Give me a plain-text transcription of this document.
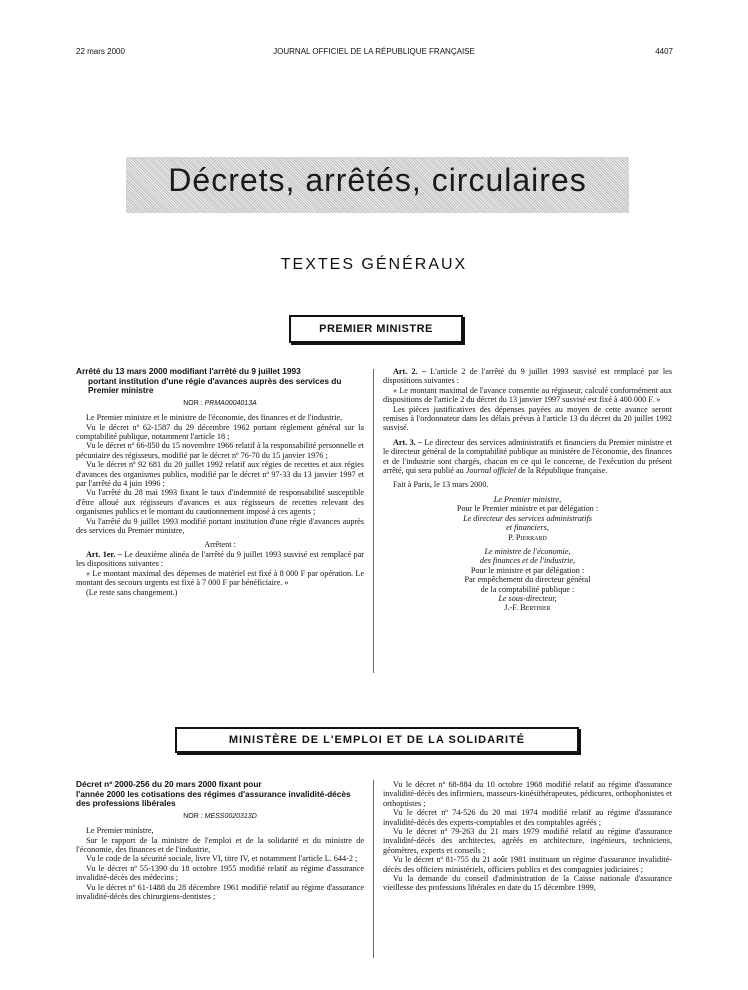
22 mars 2000	JOURNAL OFFICIEL DE LA RÉPUBLIQUE FRANÇAISE	4407
Décrets, arrêtés, circulaires
TEXTES GÉNÉRAUX
PREMIER MINISTRE
Arrêté du 13 mars 2000 modifiant l'arrêté du 9 juillet 1993
portant institution d'une régie d'avances auprès des services du Premier ministre
NOR : PRMA0004013A

Le Premier ministre et le ministre de l'économie, des finances et de l'industrie,

Vu le décret nº 62-1587 du 29 décembre 1962 portant règlement général sur la comptabilité publique, notamment l'article 18 ;

Vu le décret nº 66-850 du 15 novembre 1966 relatif à la responsabilité personnelle et pécuniaire des régisseurs, modifié par le décret nº 76-70 du 15 janvier 1976 ;

Vu le décret nº 92 681 du 20 juillet 1992 relatif aux régies de recettes et aux régies d'avances des organismes publics, modifié par le décret nº 97-33 du 13 janvier 1997 et par l'arrêté du 4 juin 1996 ;

Vu l'arrêté du 28 mai 1993 fixant le taux d'indemnité de responsabilité susceptible d'être alloué aux régisseurs d'avances et aux régisseurs de recettes relevant des organismes publics et le montant du cautionnement imposé à ces agents ;

Vu l'arrêté du 9 juillet 1993 modifié portant institution d'une régie d'avances auprès des services du Premier ministre,

Arrêtent :

Art. 1er. – Le deuxième alinéa de l'arrêté du 9 juillet 1993 susvisé est remplacé par les dispositions suivantes :

« Le montant maximal des dépenses de matériel est fixé à 8 000 F par opération. Le montant des secours urgents est fixé à 7 000 F par bénéficiaire. »

(Le reste sans changement.)

Art. 2. – L'article 2 de l'arrêté du 9 juillet 1993 susvisé est remplacé par les dispositions suivantes :

« Le montant maximal de l'avance consentie au régisseur, calculé conformément aux dispositions de l'article 2 du décret du 13 janvier 1997 susvisé est fixé à 400 000 F. »

Les pièces justificatives des dépenses payées au moyen de cette avance seront remises à l'ordonnateur dans les délais prévus à l'article 13 du décret du 20 juillet 1992 susvisé.

Art. 3. – Le directeur des services administratifs et financiers du Premier ministre et le directeur général de la comptabilité publique au ministère de l'économie, des finances et de l'industrie sont chargés, chacun en ce qui le concerne, de l'exécution du présent arrêté, qui sera publié au Journal officiel de la République française.

Fait à Paris, le 13 mars 2000.

Le Premier ministre,

Pour le Premier ministre et par délégation :

Le directeur des services administratifs

et financiers,

P. Pierrard

Le ministre de l'économie,

des finances et de l'industrie,

Pour le ministre et par délégation :

Par empêchement du directeur général

de la comptabilité publique :

Le sous-directeur,

J.-F. Berthier

MINISTÈRE DE L'EMPLOI ET DE LA SOLIDARITÉ
Décret nº 2000-256 du 20 mars 2000 fixant pour
l'année 2000 les cotisations des régimes d'assurance invalidité-décès des professions libérales
NOR : MESS0020313D

Le Premier ministre,

Sur le rapport de la ministre de l'emploi et de la solidarité et du ministre de l'économie, des finances et de l'industrie,

Vu le code de la sécurité sociale, livre VI, titre IV, et notamment l'article L. 644-2 ;

Vu le décret nº 55-1390 du 18 octobre 1955 modifié relatif au régime d'assurance invalidité-décès des médecins ;

Vu le décret nº 61-1488 du 28 décembre 1961 modifié relatif au régime d'assurance invalidité-décès des chirurgiens-dentistes ;

Vu le décret nº 68-884 du 10 octobre 1968 modifié relatif au régime d'assurance invalidité-décès des infirmiers, masseurs-kinésithérapeutes, pédicures, orthophonistes et orthoptistes ;

Vu le décret nº 74-526 du 20 mai 1974 modifié relatif au régime d'assurance invalidité-décès des experts-comptables et des comptables agréés ;

Vu le décret nº 79-263 du 21 mars 1979 modifié relatif au régime d'assurance invalidité-décès des architectes, agréés en architecture, ingénieurs, techniciens, géomètres, experts et conseils ;

Vu le décret nº 81-755 du 21 août 1981 instituant un régime d'assurance invalidité-décès des officiers ministériels, officiers publics et des compagnies judiciaires ;

Vu la demande du conseil d'administration de la Caisse nationale d'assurance vieillesse des professions libérales en date du 15 décembre 1999,
